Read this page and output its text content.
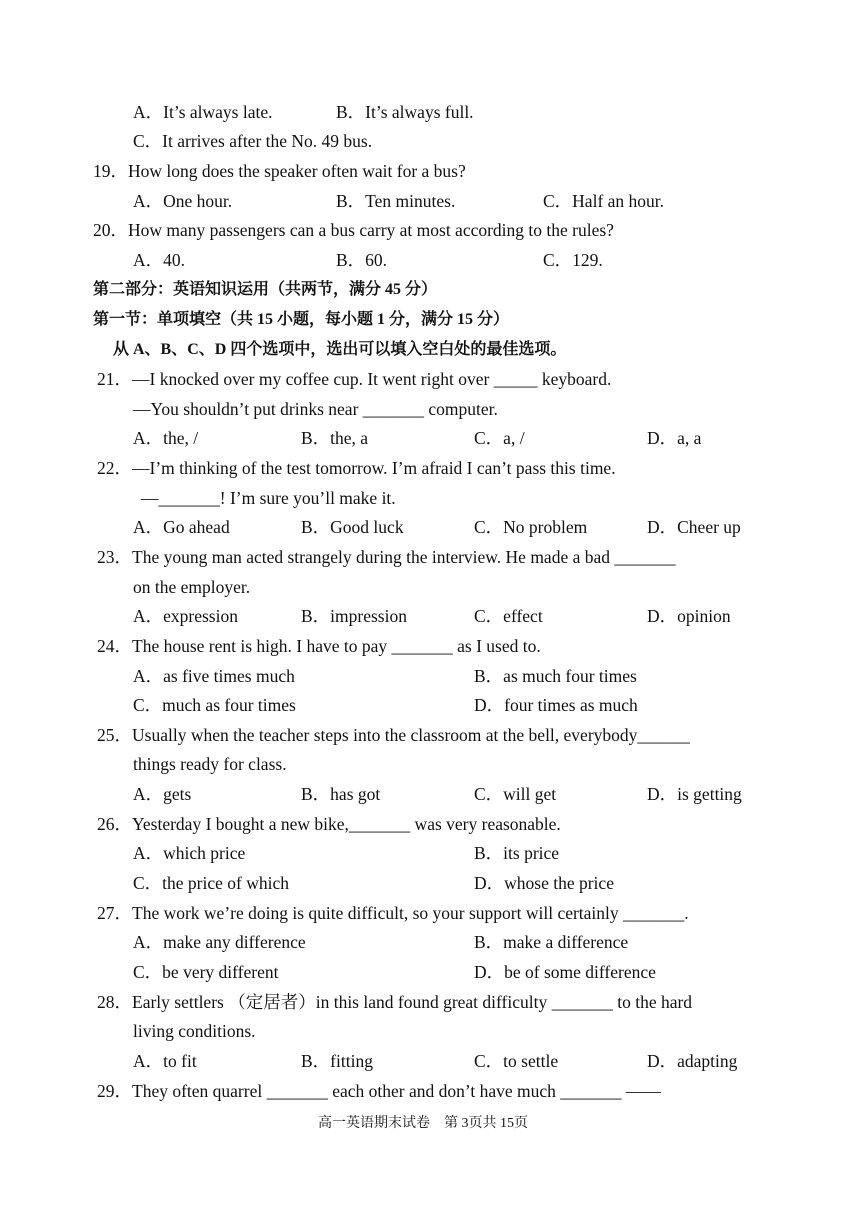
A．It’s always late.	B．It’s always full.
C．It arrives after the No. 49 bus.
19．How long does the speaker often wait for a bus?
A．One hour.	B．Ten minutes.	C．Half an hour.
20．How many passengers can a bus carry at most according to the rules?
A．40.	B．60.	C．129.
第二部分：英语知识运用（共两节，满分 45 分）
第一节：单项填空（共 15 小题，每小题 1 分，满分 15 分）
从 A、B、C、D 四个选项中，选出可以填入空白处的最佳选项。
21．—I knocked over my coffee cup. It went right over _____ keyboard.
—You shouldn’t put drinks near _______ computer.
A．the, /	B．the, a	C．a, /	D．a, a
22．—I’m thinking of the test tomorrow. I’m afraid I can’t pass this time.
—_______! I’m sure you’ll make it.
A．Go ahead	B．Good luck	C．No problem	D．Cheer up
23．The young man acted strangely during the interview. He made a bad _______
on the employer.
A．expression	B．impression	C．effect	D．opinion
24．The house rent is high. I have to pay _______ as I used to.
A．as five times much	B．as much four times
C．much as four times	D．four times as much
25．Usually when the teacher steps into the classroom at the bell, everybody______
things ready for class.
A．gets	B．has got	C．will get	D．is getting
26．Yesterday I bought a new bike,_______ was very reasonable.
A．which price	B．its price
C．the price of which	D．whose the price
27．The work we’re doing is quite difficult, so your support will certainly _______.
A．make any difference	B．make a difference
C．be very different	D．be of some difference
28．Early settlers （定居者）in this land found great difficulty _______ to the hard
living conditions.
A．to fit	B．fitting	C．to settle	D．adapting
29．They often quarrel _______ each other and don’t have much _______ ——
高一英语期末试卷　第 3页共 15页
